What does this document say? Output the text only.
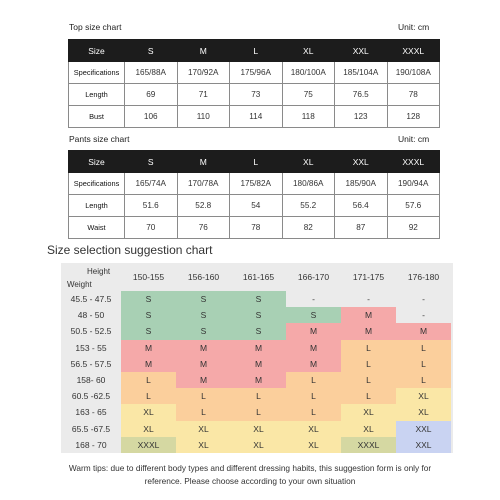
Top size chart	Unit: cm
Size	S	M	L	XL	XXL	XXXL
Specifications	165/88A	170/92A	175/96A	180/100A	185/104A	190/108A
Length	69	71	73	75	76.5	78
Bust	106	110	114	118	123	128
Pants size chart	Unit: cm
Size	S	M	L	XL	XXL	XXXL
Specifications	165/74A	170/78A	175/82A	180/86A	185/90A	190/94A
Length	51.6	52.8	54	55.2	56.4	57.6
Waist	70	76	78	82	87	92
Size selection suggestion chart
Height
Weight
150-155	156-160	161-165	166-170	171-175	176-180
45.5 - 47.5	S	S	S	-	-	-
48 - 50	S	S	S	S	M	-
50.5 - 52.5	S	S	S	M	M	M
153 - 55	M	M	M	M	L	L
56.5 - 57.5	M	M	M	M	L	L
158- 60	L	M	M	L	L	L
60.5 -62.5	L	L	L	L	L	XL
163 - 65	XL	L	L	L	XL	XL
65.5 -67.5	XL	XL	XL	XL	XL	XXL
168 - 70	XXXL	XL	XL	XL	XXXL	XXL
Warm tips: due to different body types and different dressing habits, this suggestion form is only for
reference. Please choose according to your own situation
